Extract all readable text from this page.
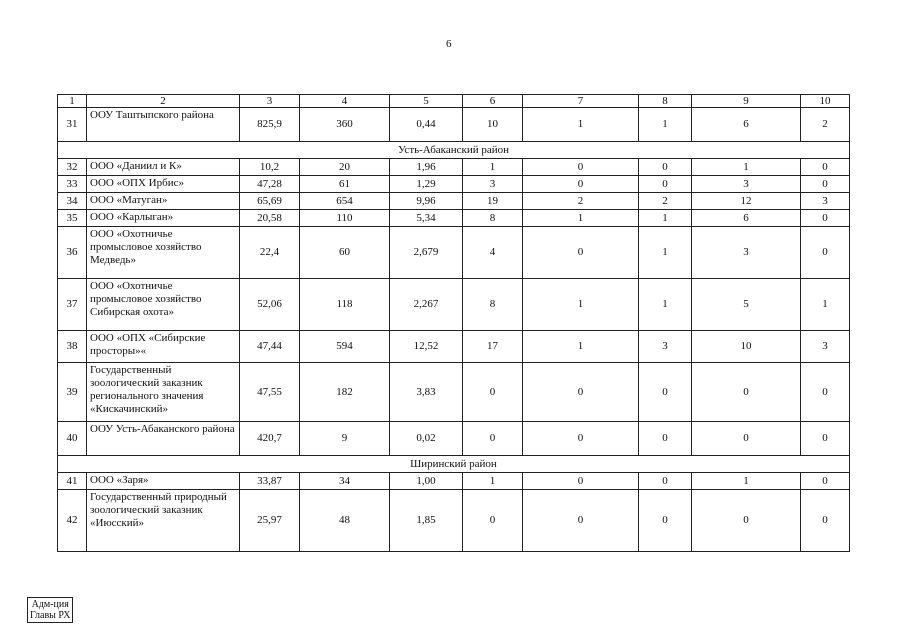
6
1	2	3	4	5	6	7	8	9	10
31	ООУ Таштыпского района	825,9	360	0,44	10	1	1	6	2
Усть-Абаканский район									
32	ООО «Даниил и К»	10,2	20	1,96	1	0	0	1	0
33	ООО «ОПХ Ирбис»	47,28	61	1,29	3	0	0	3	0
34	ООО «Матуган»	65,69	654	9,96	19	2	2	12	3
35	ООО «Карлыган»	20,58	110	5,34	8	1	1	6	0
36	ООО «Охотничье промысловое хозяйство Медведь»	22,4	60	2,679	4	0	1	3	0
37	ООО «Охотничье промысловое хозяйство Сибирская охота»	52,06	118	2,267	8	1	1	5	1
38	ООО «ОПХ «Сибирские просторы»«	47,44	594	12,52	17	1	3	10	3
39	Государственный зоологический заказник регионального значения «Кискачинский»	47,55	182	3,83	0	0	0	0	0
40	ООУ Усть-Абаканского района	420,7	9	0,02	0	0	0	0	0
Ширинский район									
41	ООО «Заря»	33,87	34	1,00	1	0	0	1	0
42	Государственный природный зоологический заказник «Июсский»	25,97	48	1,85	0	0	0	0	0
Адм-ция
Главы РХ
